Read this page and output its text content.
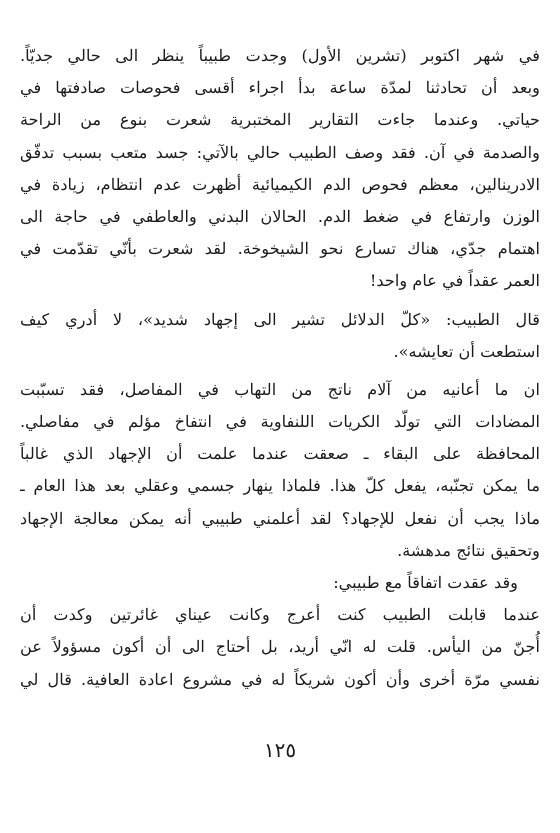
في شهر اكتوبر (تشرين الأول) وجدت طبيباً ينظر الى حالي جديّاً.
وبعد أن تحادثنا لمدّة ساعة بدأ اجراء أقسى فحوصات صادفتها في
حياتي. وعندما جاءت التقارير المختبرية شعرت بنوع من الراحة
والصدمة في آن. فقد وصف الطبيب حالي بالآتي: جسد متعب بسبب تدفّق
الادرينالين، معظم فحوص الدم الكيميائية أظهرت عدم انتظام، زيادة في
الوزن وارتفاع في ضغط الدم. الحالان البدني والعاطفي في حاجة الى
اهتمام جدّي، هناك تسارع نحو الشيخوخة. لقد شعرت بأنّي تقدّمت في
العمر عقداً في عام واحد!
قال الطبيب: «كلّ الدلائل تشير الى إجهاد شديد»، لا أدري كيف
استطعت أن تعايشه».
ان ما أعانيه من آلام ناتج من التهاب في المفاصل، فقد تسبّبت
المضادات التي تولّد الكريات اللنفاوية في انتفاخ مؤلم في مفاصلي.
المحافظة على البقاء ـ صعقت عندما علمت أن الإجهاد الذي غالباً
ما يمكن تجنّبه، يفعل كلّ هذا. فلماذا ينهار جسمي وعقلي بعد هذا العام ـ
ماذا يجب أن نفعل للإجهاد؟ لقد أعلمني طبيبي أنه يمكن معالجة الإجهاد
وتحقيق نتائج مدهشة.
وقد عقدت اتفاقاً مع طبيبي:
عندما قابلت الطبيب كنت أعرج وكانت عيناي غائرتين وكدت أن
أُجنّ من اليأس. قلت له انّي أريد، بل أحتاج الى أن أكون مسؤولاً عن
نفسي مرّة أخرى وأن أكون شريكاً له في مشروع اعادة العافية. قال لي
١٢٥
